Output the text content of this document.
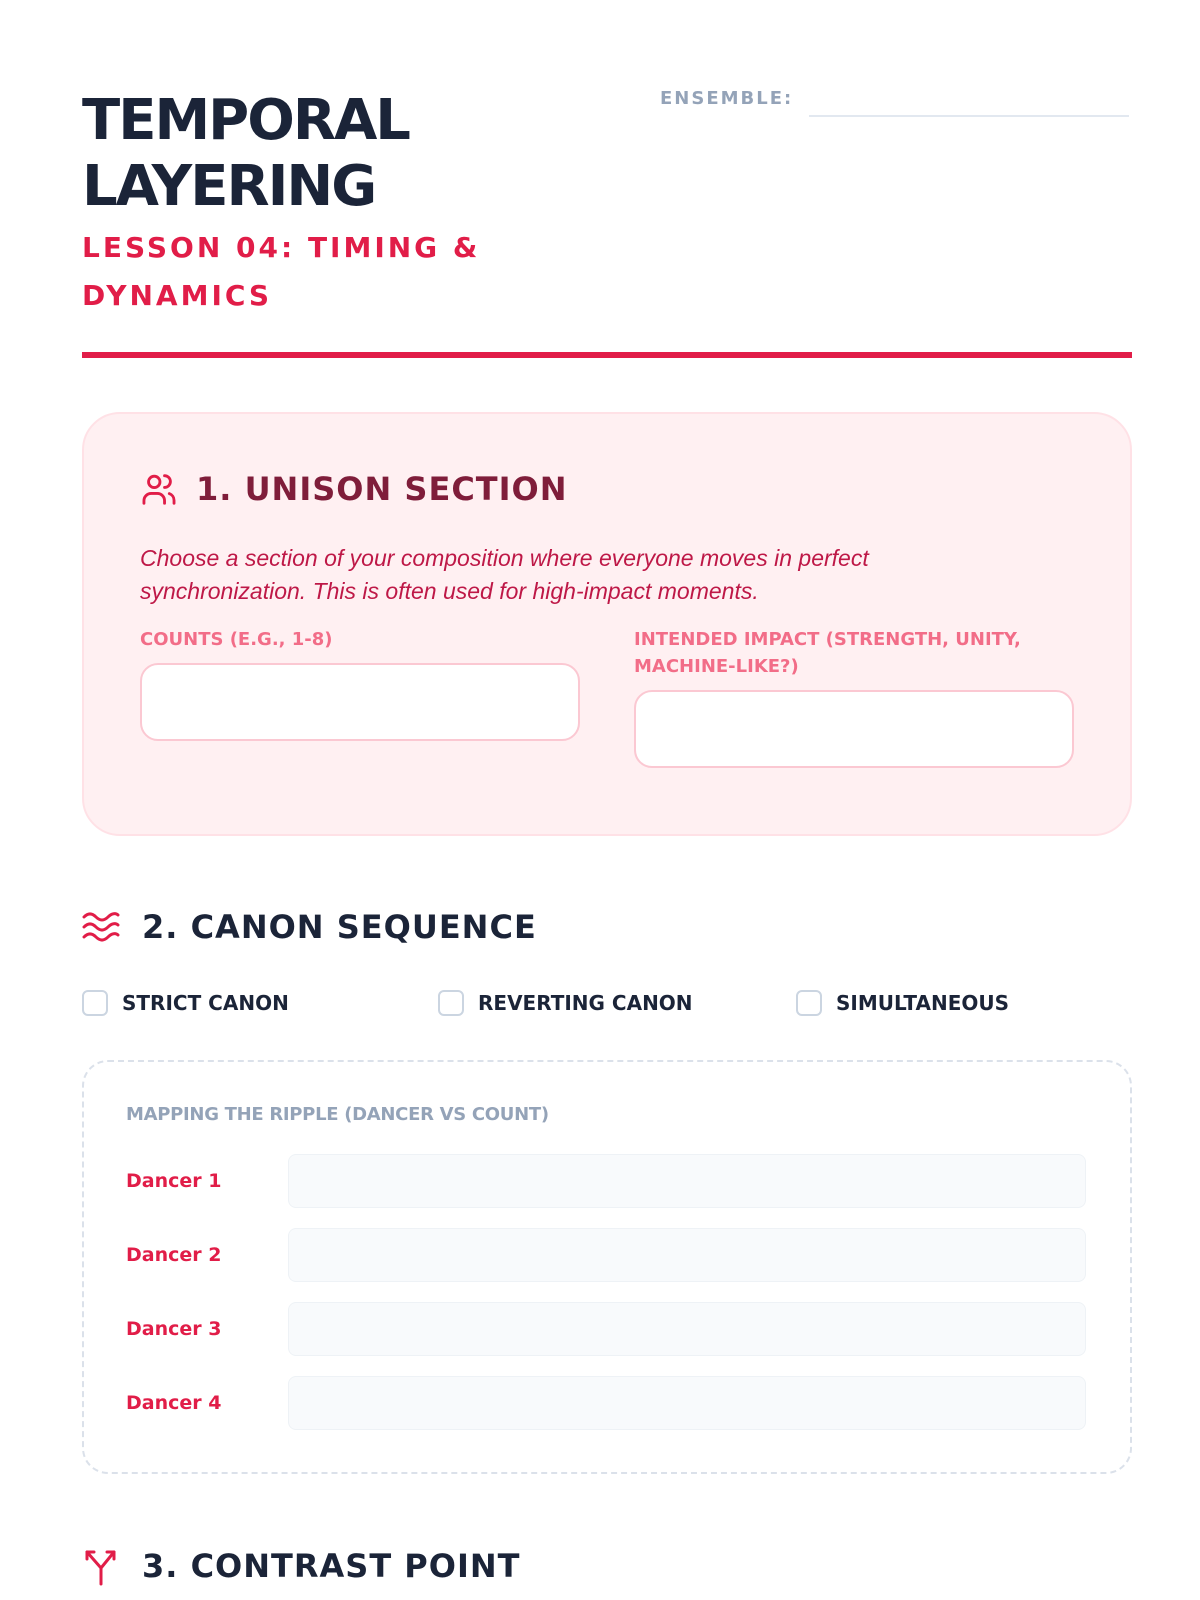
TEMPORAL LAYERING
LESSON 04: TIMING & DYNAMICS
ENSEMBLE:
1. UNISON SECTION

Choose a section of your composition where everyone moves in perfect synchronization. This is often used for high-impact moments.

COUNTS (E.G., 1-8)	INTENDED IMPACT (STRENGTH, UNITY, MACHINE-LIKE?)
2. CANON SEQUENCE
STRICT CANON	REVERTING CANON	SIMULTANEOUS
MAPPING THE RIPPLE (DANCER VS COUNT)
Dancer 1
Dancer 2
Dancer 3
Dancer 4
3. CONTRAST POINT
